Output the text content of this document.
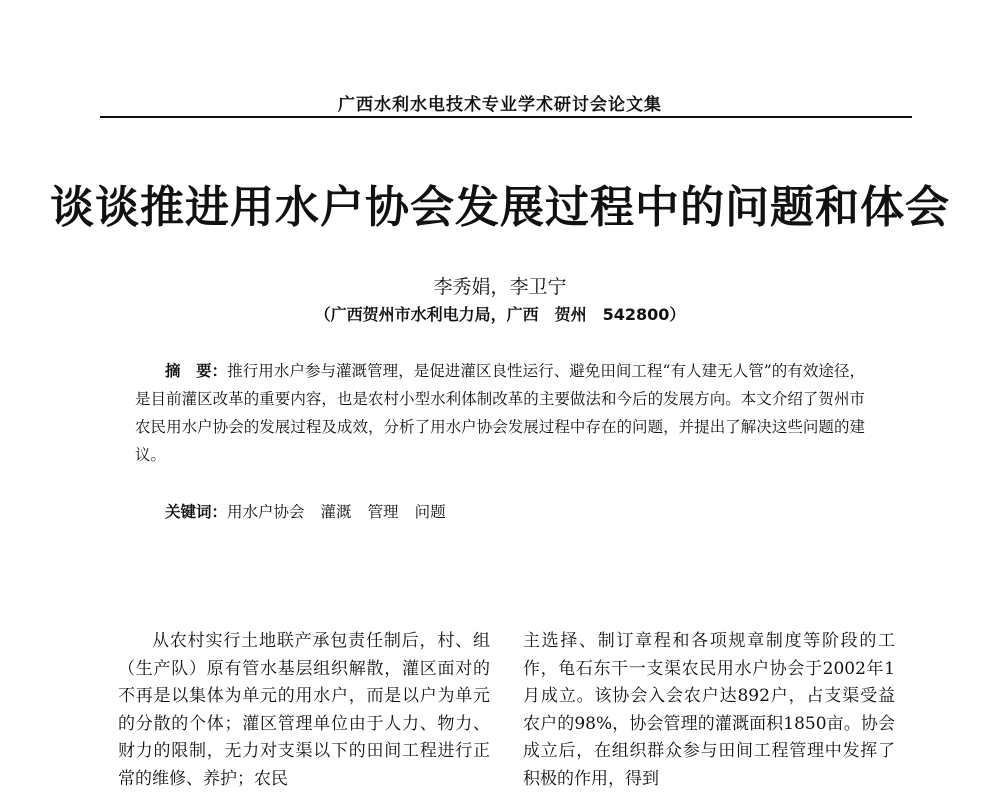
广西水利水电技术专业学术研讨会论文集
谈谈推进用水户协会发展过程中的问题和体会
李秀娟，李卫宁
（广西贺州市水利电力局，广西　贺州　542800）
摘　要：推行用水户参与灌溉管理，是促进灌区良性运行、避免田间工程“有人建无人管”的有效途径，是目前灌区改革的重要内容，也是农村小型水利体制改革的主要做法和今后的发展方向。本文介绍了贺州市农民用水户协会的发展过程及成效，分析了用水户协会发展过程中存在的问题，并提出了解决这些问题的建议。
关键词：用水户协会 灌溉 管理 问题
从农村实行土地联产承包责任制后，村、组（生产队）原有管水基层组织解散，灌区面对的不再是以集体为单元的用水户，而是以户为单元的分散的个体；灌区管理单位由于人力、物力、财力的限制，无力对支渠以下的田间工程进行正常的维修、养护；农民
主选择、制订章程和各项规章制度等阶段的工作，龟石东干一支渠农民用水户协会于2002年1月成立。该协会入会农户达892户，占支渠受益农户的98%，协会管理的灌溉面积1850亩。协会成立后，在组织群众参与田间工程管理中发挥了积极的作用，得到
